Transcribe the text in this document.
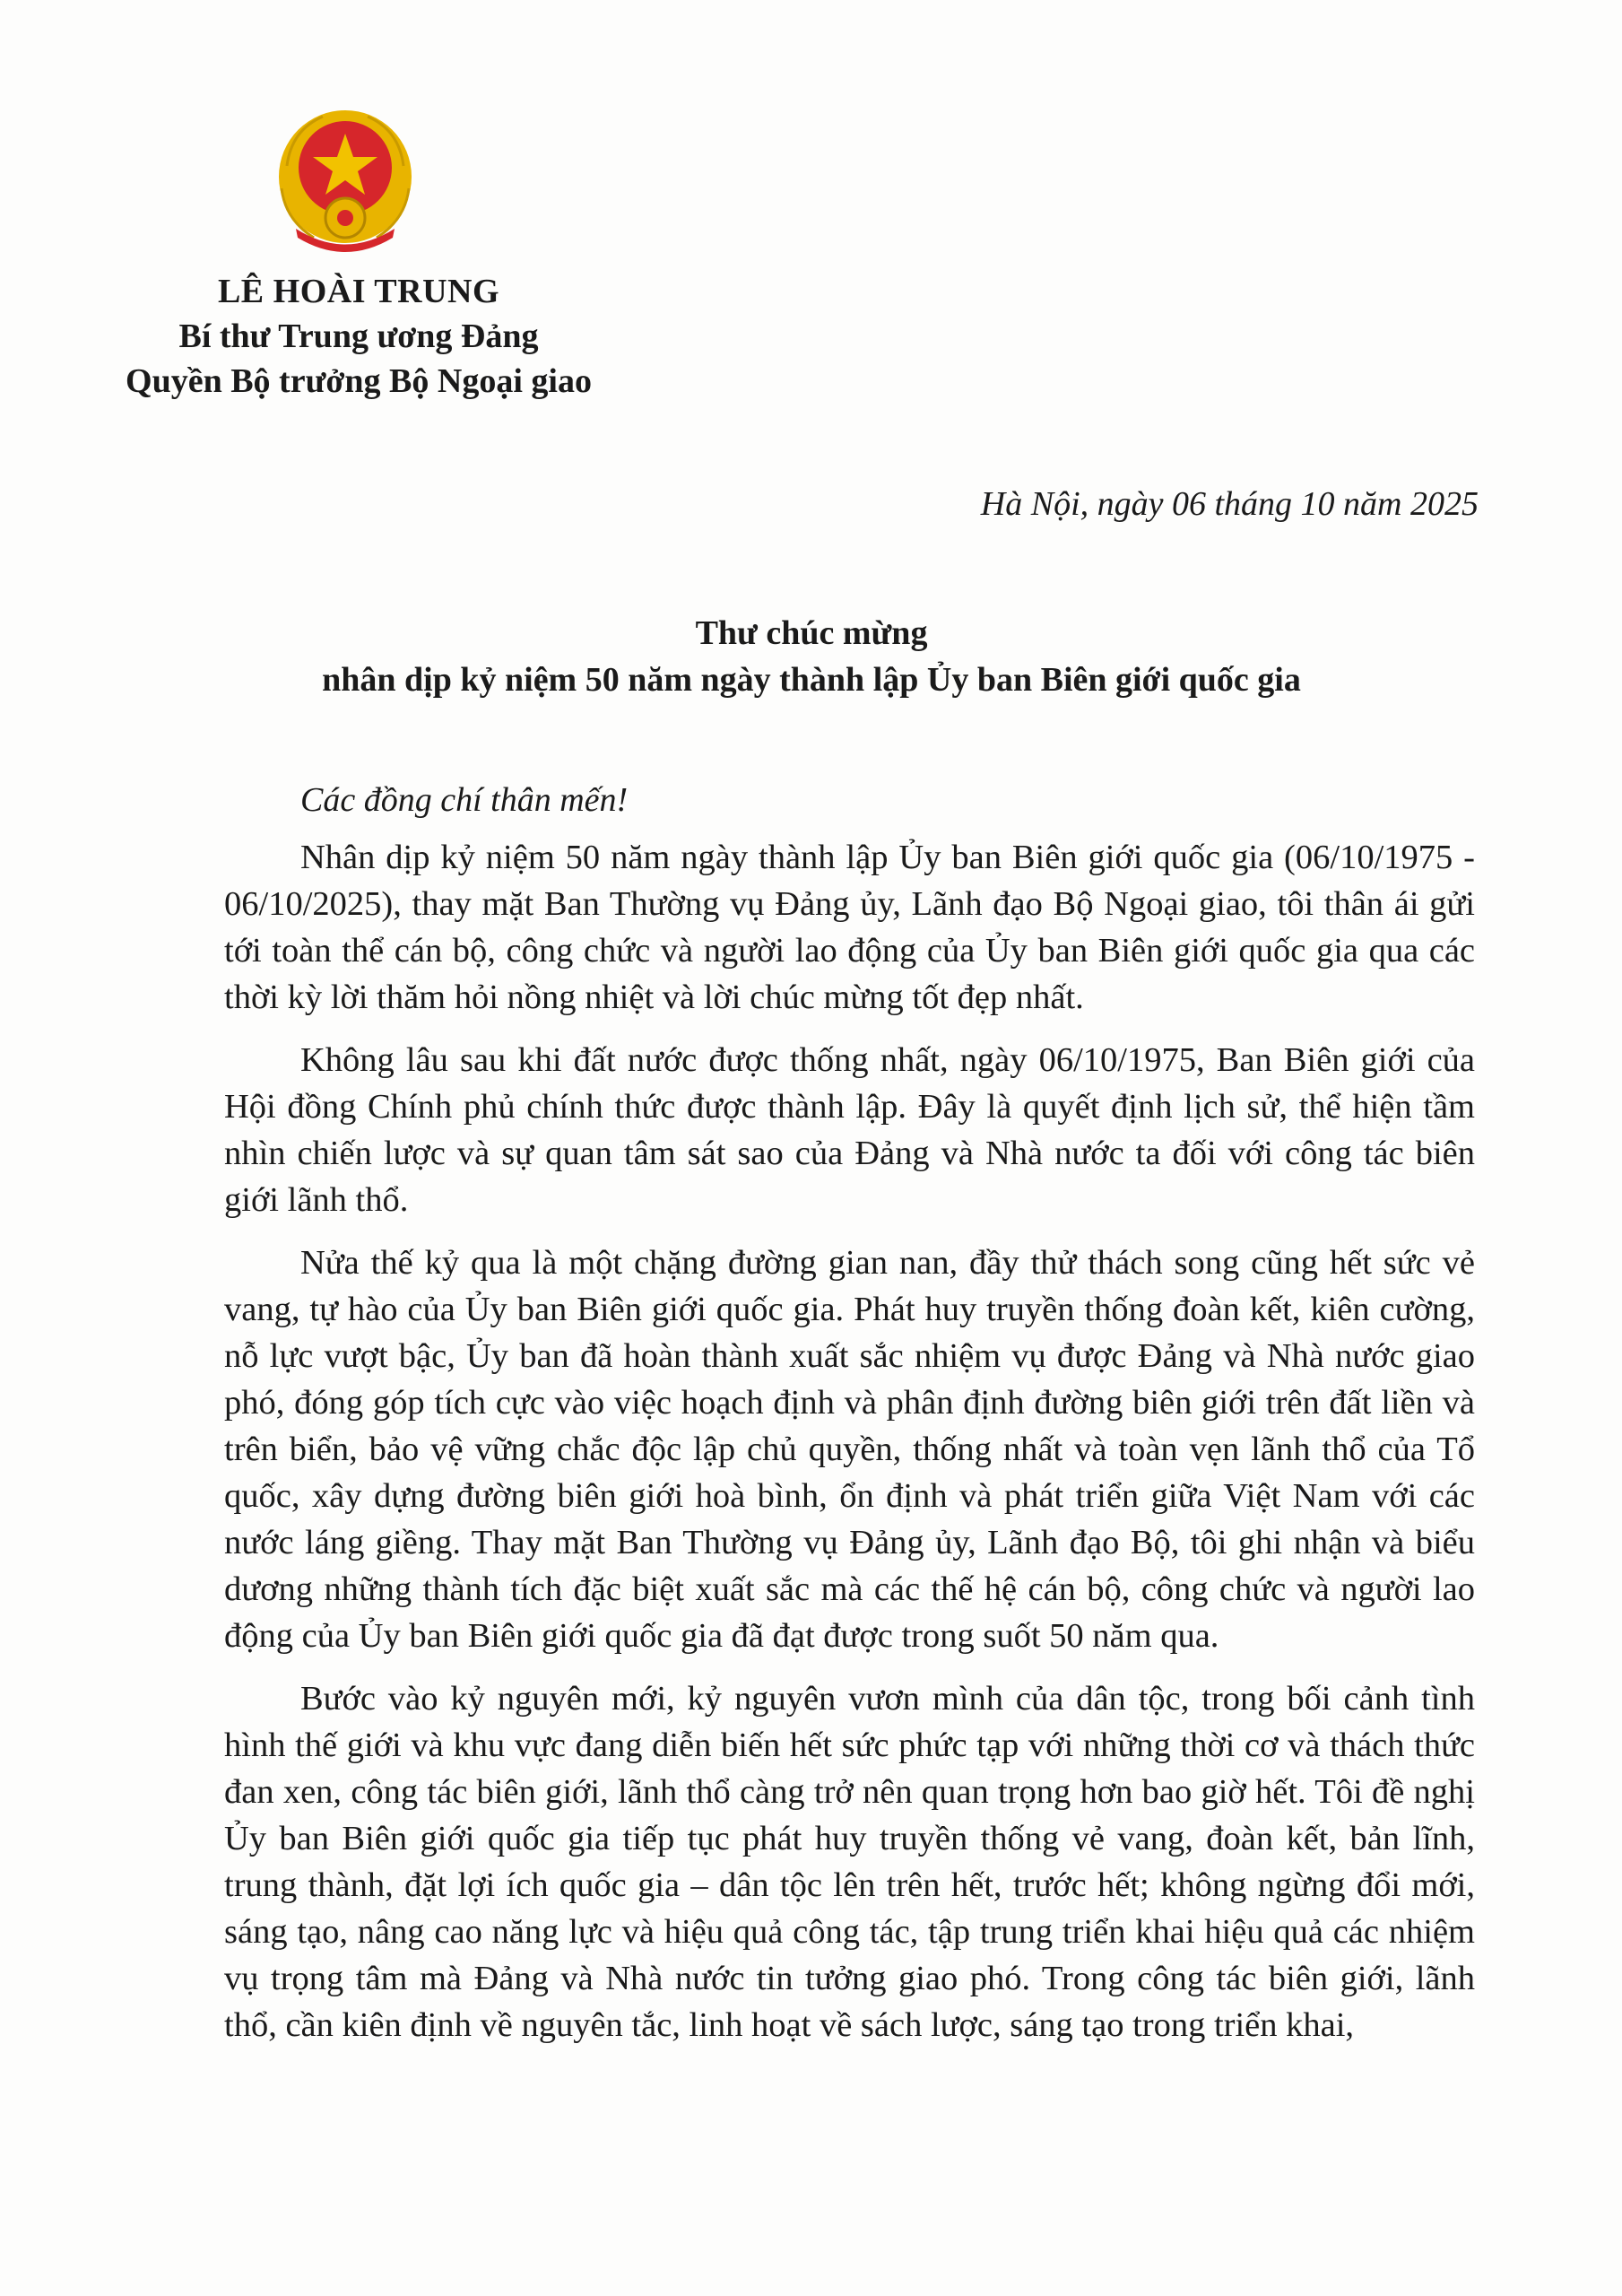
LÊ HOÀI TRUNG
Bí thư Trung ương Đảng
Quyền Bộ trưởng Bộ Ngoại giao
Hà Nội, ngày 06 tháng 10 năm 2025
Thư chúc mừng
nhân dịp kỷ niệm 50 năm ngày thành lập Ủy ban Biên giới quốc gia
Các đồng chí thân mến!

Nhân dịp kỷ niệm 50 năm ngày thành lập Ủy ban Biên giới quốc gia (06/10/1975 - 06/10/2025), thay mặt Ban Thường vụ Đảng ủy, Lãnh đạo Bộ Ngoại giao, tôi thân ái gửi tới toàn thể cán bộ, công chức và người lao động của Ủy ban Biên giới quốc gia qua các thời kỳ lời thăm hỏi nồng nhiệt và lời chúc mừng tốt đẹp nhất.

Không lâu sau khi đất nước được thống nhất, ngày 06/10/1975, Ban Biên giới của Hội đồng Chính phủ chính thức được thành lập. Đây là quyết định lịch sử, thể hiện tầm nhìn chiến lược và sự quan tâm sát sao của Đảng và Nhà nước ta đối với công tác biên giới lãnh thổ.

Nửa thế kỷ qua là một chặng đường gian nan, đầy thử thách song cũng hết sức vẻ vang, tự hào của Ủy ban Biên giới quốc gia. Phát huy truyền thống đoàn kết, kiên cường, nỗ lực vượt bậc, Ủy ban đã hoàn thành xuất sắc nhiệm vụ được Đảng và Nhà nước giao phó, đóng góp tích cực vào việc hoạch định và phân định đường biên giới trên đất liền và trên biển, bảo vệ vững chắc độc lập chủ quyền, thống nhất và toàn vẹn lãnh thổ của Tổ quốc, xây dựng đường biên giới hoà bình, ổn định và phát triển giữa Việt Nam với các nước láng giềng. Thay mặt Ban Thường vụ Đảng ủy, Lãnh đạo Bộ, tôi ghi nhận và biểu dương những thành tích đặc biệt xuất sắc mà các thế hệ cán bộ, công chức và người lao động của Ủy ban Biên giới quốc gia đã đạt được trong suốt 50 năm qua.

Bước vào kỷ nguyên mới, kỷ nguyên vươn mình của dân tộc, trong bối cảnh tình hình thế giới và khu vực đang diễn biến hết sức phức tạp với những thời cơ và thách thức đan xen, công tác biên giới, lãnh thổ càng trở nên quan trọng hơn bao giờ hết. Tôi đề nghị Ủy ban Biên giới quốc gia tiếp tục phát huy truyền thống vẻ vang, đoàn kết, bản lĩnh, trung thành, đặt lợi ích quốc gia – dân tộc lên trên hết, trước hết; không ngừng đổi mới, sáng tạo, nâng cao năng lực và hiệu quả công tác, tập trung triển khai hiệu quả các nhiệm vụ trọng tâm mà Đảng và Nhà nước tin tưởng giao phó. Trong công tác biên giới, lãnh thổ, cần kiên định về nguyên tắc, linh hoạt về sách lược, sáng tạo trong triển khai,
